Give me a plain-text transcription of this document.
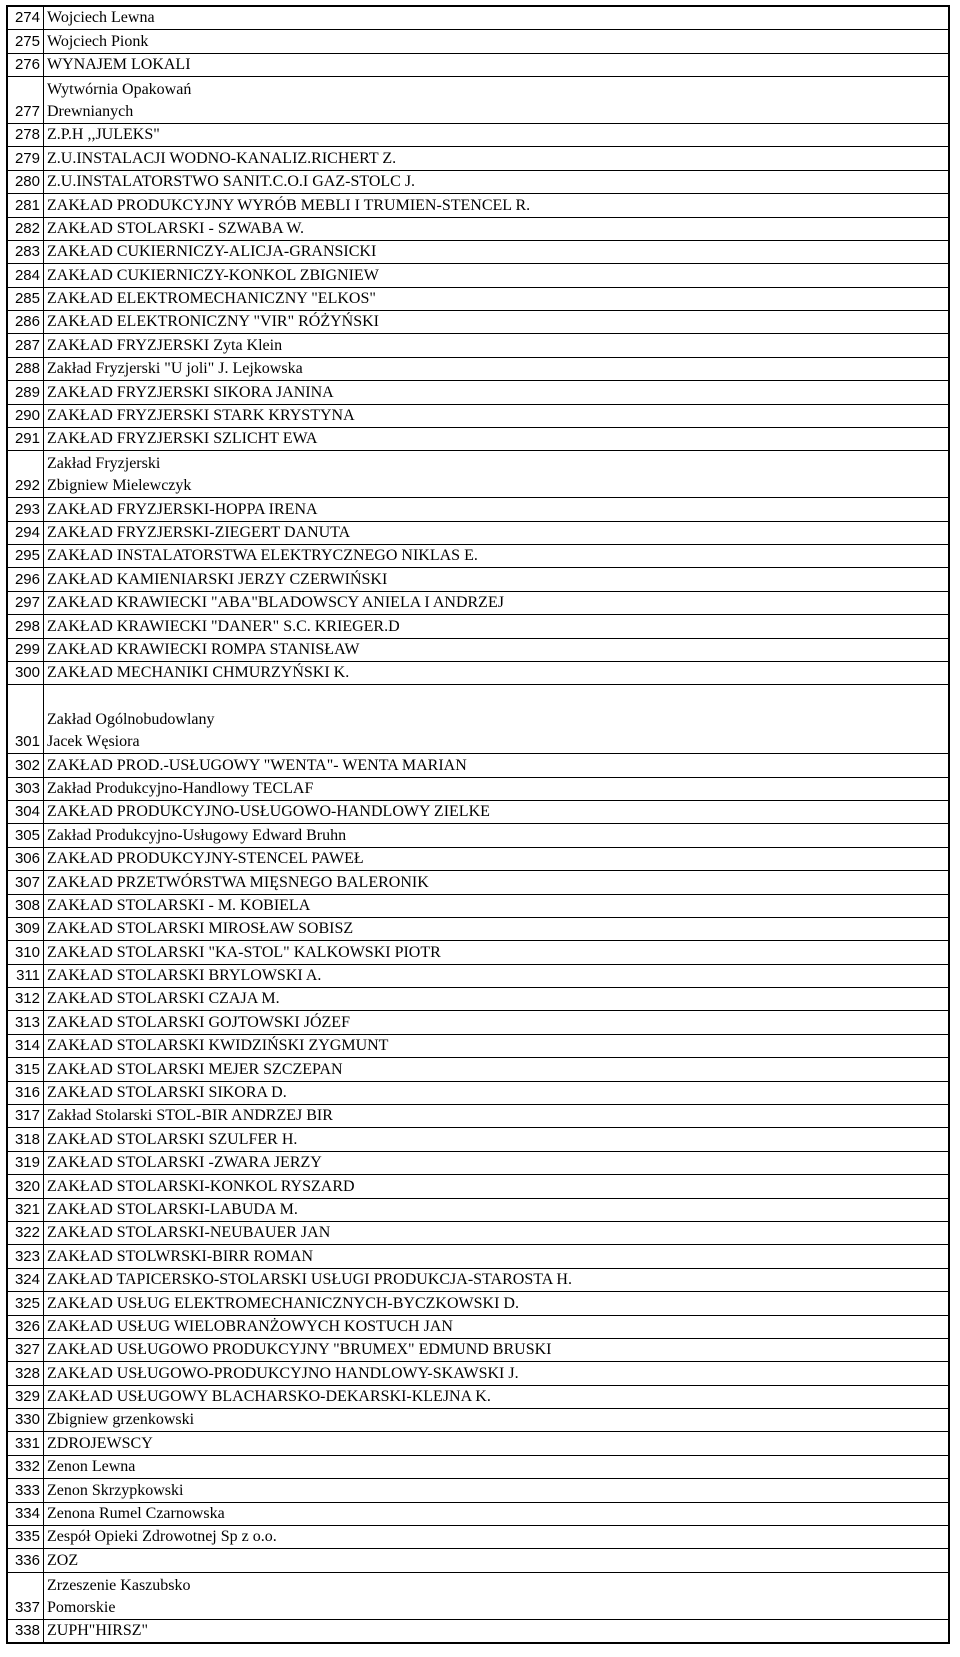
274	Wojciech Lewna
275	Wojciech Pionk
276	WYNAJEM LOKALI
277	Wytwórnia Opakowań
Drewnianych
278	Z.P.H ,,JULEKS"
279	Z.U.INSTALACJI WODNO-KANALIZ.RICHERT Z.
280	Z.U.INSTALATORSTWO SANIT.C.O.I GAZ-STOLC J.
281	ZAKŁAD PRODUKCYJNY WYRÓB MEBLI I TRUMIEN-STENCEL R.
282	ZAKŁAD STOLARSKI - SZWABA W.
283	ZAKŁAD CUKIERNICZY-ALICJA-GRANSICKI
284	ZAKŁAD CUKIERNICZY-KONKOL ZBIGNIEW
285	ZAKŁAD ELEKTROMECHANICZNY "ELKOS"
286	ZAKŁAD ELEKTRONICZNY "VIR" RÓŻYŃSKI
287	ZAKŁAD FRYZJERSKI Zyta Klein
288	Zakład Fryzjerski "U joli" J. Lejkowska
289	ZAKŁAD FRYZJERSKI SIKORA JANINA
290	ZAKŁAD FRYZJERSKI STARK KRYSTYNA
291	ZAKŁAD FRYZJERSKI SZLICHT EWA
292	Zakład Fryzjerski
Zbigniew Mielewczyk
293	ZAKŁAD FRYZJERSKI-HOPPA IRENA
294	ZAKŁAD FRYZJERSKI-ZIEGERT DANUTA
295	ZAKŁAD INSTALATORSTWA ELEKTRYCZNEGO NIKLAS E.
296	ZAKŁAD KAMIENIARSKI JERZY CZERWIŃSKI
297	ZAKŁAD KRAWIECKI "ABA"BLADOWSCY ANIELA I ANDRZEJ
298	ZAKŁAD KRAWIECKI "DANER" S.C. KRIEGER.D
299	ZAKŁAD KRAWIECKI ROMPA STANISŁAW
300	ZAKŁAD MECHANIKI CHMURZYŃSKI K.
301	Zakład Ogólnobudowlany
Jacek Węsiora
302	ZAKŁAD PROD.-USŁUGOWY "WENTA"- WENTA MARIAN
303	Zakład Produkcyjno-Handlowy TECLAF
304	ZAKŁAD PRODUKCYJNO-USŁUGOWO-HANDLOWY ZIELKE
305	Zakład Produkcyjno-Usługowy Edward Bruhn
306	ZAKŁAD PRODUKCYJNY-STENCEL PAWEŁ
307	ZAKŁAD PRZETWÓRSTWA MIĘSNEGO BALERONIK
308	ZAKŁAD STOLARSKI - M. KOBIELA
309	ZAKŁAD STOLARSKI MIROSŁAW SOBISZ
310	ZAKŁAD STOLARSKI "KA-STOL" KALKOWSKI PIOTR
311	ZAKŁAD STOLARSKI BRYLOWSKI A.
312	ZAKŁAD STOLARSKI CZAJA M.
313	ZAKŁAD STOLARSKI GOJTOWSKI JÓZEF
314	ZAKŁAD STOLARSKI KWIDZIŃSKI ZYGMUNT
315	ZAKŁAD STOLARSKI MEJER SZCZEPAN
316	ZAKŁAD STOLARSKI SIKORA D.
317	Zakład Stolarski STOL-BIR ANDRZEJ BIR
318	ZAKŁAD STOLARSKI SZULFER H.
319	ZAKŁAD STOLARSKI -ZWARA JERZY
320	ZAKŁAD STOLARSKI-KONKOL RYSZARD
321	ZAKŁAD STOLARSKI-LABUDA M.
322	ZAKŁAD STOLARSKI-NEUBAUER JAN
323	ZAKŁAD STOLWRSKI-BIRR ROMAN
324	ZAKŁAD TAPICERSKO-STOLARSKI USŁUGI PRODUKCJA-STAROSTA H.
325	ZAKŁAD USŁUG ELEKTROMECHANICZNYCH-BYCZKOWSKI D.
326	ZAKŁAD USŁUG WIELOBRANŻOWYCH KOSTUCH JAN
327	ZAKŁAD USŁUGOWO PRODUKCYJNY "BRUMEX" EDMUND BRUSKI
328	ZAKŁAD USŁUGOWO-PRODUKCYJNO HANDLOWY-SKAWSKI J.
329	ZAKŁAD USŁUGOWY BLACHARSKO-DEKARSKI-KLEJNA K.
330	Zbigniew grzenkowski
331	ZDROJEWSCY
332	Zenon Lewna
333	Zenon Skrzypkowski
334	Zenona Rumel Czarnowska
335	Zespół Opieki Zdrowotnej Sp z o.o.
336	ZOZ
337	Zrzeszenie Kaszubsko
Pomorskie
338	ZUPH"HIRSZ"
